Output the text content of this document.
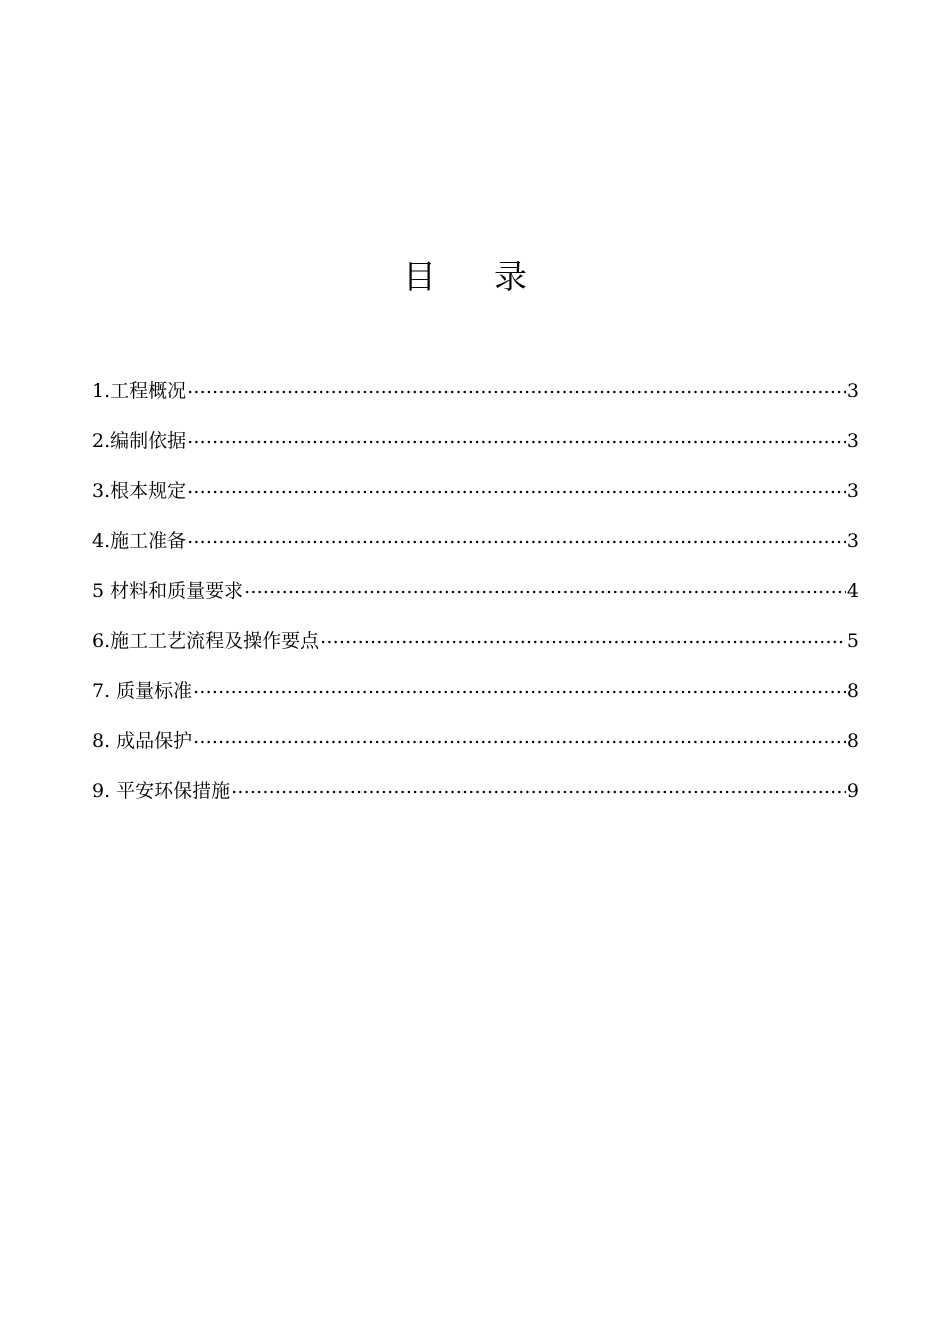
目 录
1.工程概况 .....	3
2.编制依据 .....	3
3.根本规定 .....	3
4.施工准备 .....	3
5 材料和质量要求 .....	4
6.施工工艺流程及操作要点 .....	5
7. 质量标准 .....	8
8. 成品保护 .....	8
9. 平安环保措施 .....	9
